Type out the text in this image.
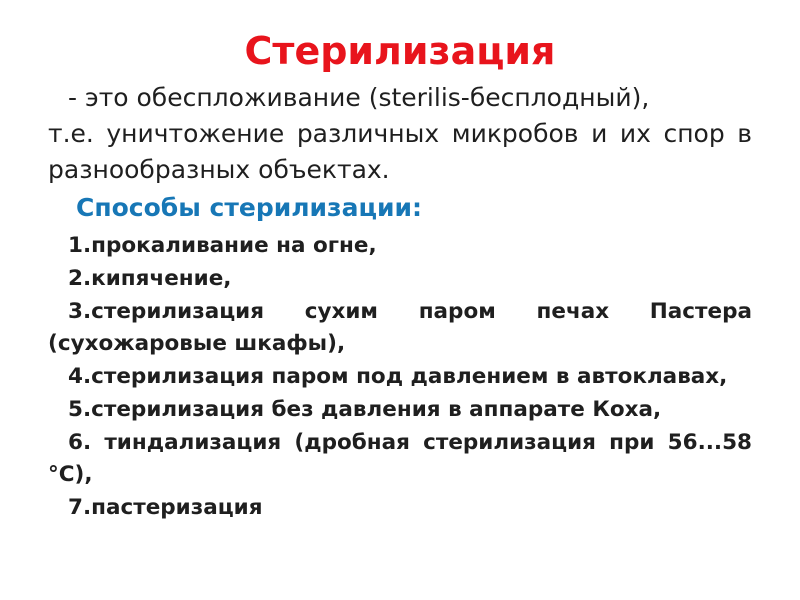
Стерилизация
- это обеспложивание (sterilis-бесплодный),
т.е. уничтожение различных микробов и их спор в разнообразных объектах.
Способы стерилизации:
1.прокаливание на огне,
2.кипячение,
3.стерилизация сухим паром печах Пастера (сухожаровые шкафы),
4.стерилизация паром под давлением в автоклавах,
5.стерилизация без давления в аппарате Коха,
6. тиндализация (дробная стерилизация при 56...58 °С),
7.пастеризация
